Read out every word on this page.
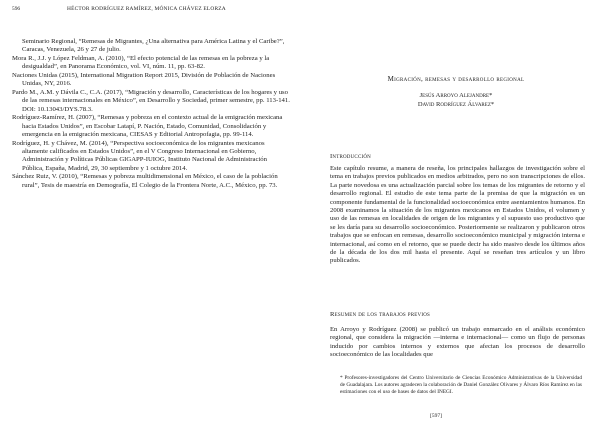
596	HÉCTOR RODRÍGUEZ RAMÍREZ, MÓNICA CHÁVEZ ELORZA

Seminario Regional, “Remesas de Migrantes, ¿Una alternativa para América Latina y el Caribe?”, Caracas, Venezuela, 26 y 27 de julio.

Mora R., J.J. y López Feldman, A. (2010), “El efecto potencial de las remesas en la pobreza y la desigualdad”, en Panorama Económico, vol. VI, núm. 11, pp. 63-82.

Naciones Unidas (2015), International Migration Report 2015, División de Población de Naciones Unidas, NY, 2016.

Pardo M., A.M. y Dávila C., C.A. (2017), “Migración y desarrollo, Características de los hogares y uso de las remesas internacionales en México”, en Desarrollo y Sociedad, primer semestre, pp. 113-141. DOI: 10.13043/DYS.78.3.

Rodríguez-Ramírez, H. (2007), “Remesas y pobreza en el contexto actual de la emigración mexicana hacia Estados Unidos”, en Escobar Latapí, P. Nación, Estado, Comunidad, Consolidación y emergencia en la emigración mexicana, CIESAS y Editorial Antropofagia, pp. 99-114.

Rodríguez, H. y Chávez, M. (2014), “Perspectiva socioeconómica de los migrantes mexicanos altamente calificados en Estados Unidos”, en el V Congreso Internacional en Gobierno, Administración y Políticas Públicas GIGAPP-IUIOG, Instituto Nacional de Administración Pública, España, Madrid, 29, 30 septiembre y 1 octubre 2014.

Sánchez Ruiz, V. (2010), “Remesas y pobreza multidimensional en México, el caso de la población rural”, Tesis de maestría en Demografía, El Colegio de la Frontera Norte, A.C., México, pp. 73.

Migración, remesas y desarrollo regional
Jesús Arroyo Alejandre*
David Rodríguez Álvarez*
Introducción

Este capítulo resume, a manera de reseña, los principales hallazgos de investigación sobre el tema en trabajos previos publicados en medios arbitrados, pero no son transcripciones de ellos. La parte novedosa es una actualización parcial sobre los temas de los migrantes de retorno y el desarrollo regional. El estudio de este tema parte de la premisa de que la migración es un componente fundamental de la funcionalidad socioeconómica entre asentamientos humanos. En 2008 examinamos la situación de los migrantes mexicanos en Estados Unidos, el volumen y uso de las remesas en localidades de origen de los migrantes y el supuesto uso productivo que se les daría para su desarrollo socioeconómico. Posteriormente se realizaron y publicaron otros trabajos que se enfocan en remesas, desarrollo socioeconómico municipal y migración interna e internacional, así como en el retorno, que se puede decir ha sido masivo desde los últimos años de la década de los dos mil hasta el presente. Aquí se reseñan tres artículos y un libro publicados.

Resumen de los trabajos previos

En Arroyo y Rodríguez (2008) se publicó un trabajo enmarcado en el análisis económico regional, que considera la migración —interna e internacional— como un flujo de personas inducido por cambios internos y externos que afectan los procesos de desarrollo socioeconómico de las localidades que

* Profesores-investigadores del Centro Universitario de Ciencias Económico Administrativas de la Universidad de Guadalajara. Los autores agradecen la colaboración de Daniel González Olivares y Álvaro Ríos Ramírez en las estimaciones con el uso de bases de datos del INEGI.

[597]
